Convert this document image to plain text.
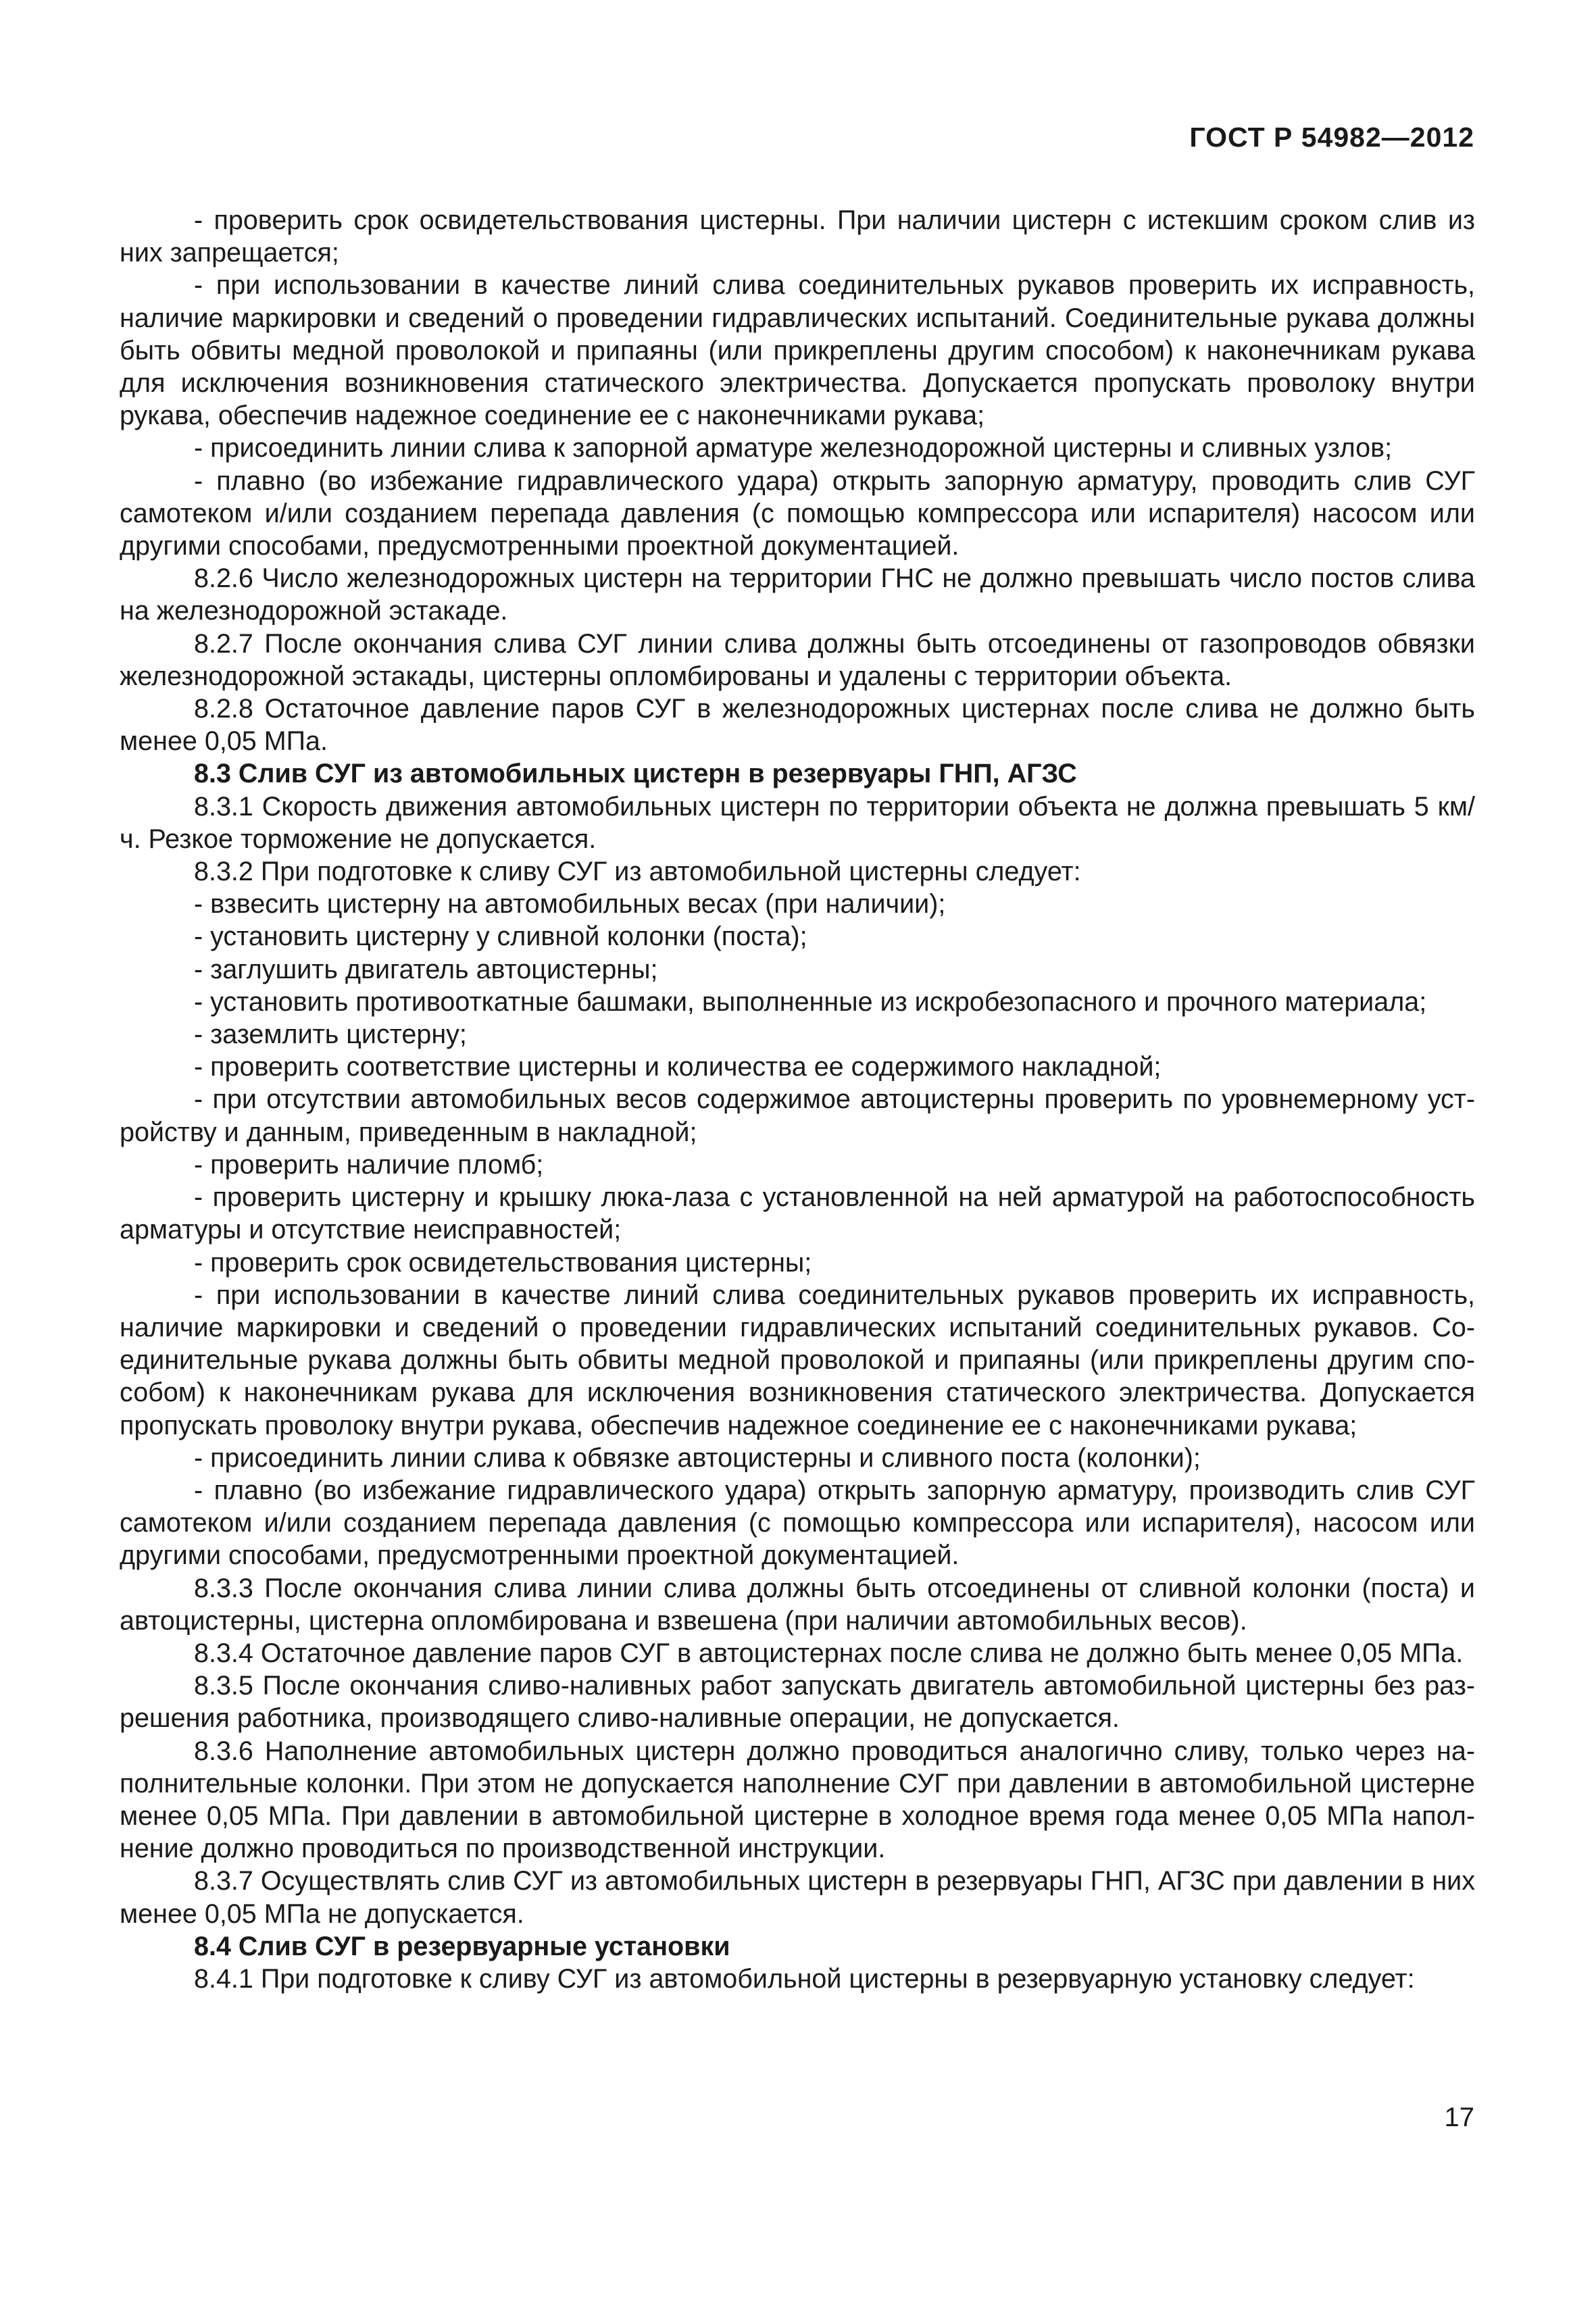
ГОСТ Р 54982—2012

- проверить срок освидетельствования цистерны. При наличии цистерн с истекшим сроком слив из них запрещается;

- при использовании в качестве линий слива соединительных рукавов проверить их исправность, наличие маркировки и сведений о проведении гидравлических испытаний. Соединительные рукава должны быть обвиты медной проволокой и припаяны (или прикреплены другим способом) к наконечникам рукава для исключения возникновения статического электричества. Допускается пропускать проволоку внутри рукава, обеспечив надежное соединение ее с наконечниками рукава;

- присоединить линии слива к запорной арматуре железнодорожной цистерны и сливных узлов;

- плавно (во избежание гидравлического удара) открыть запорную арматуру, проводить слив СУГ самотеком и/или созданием перепада давления (с помощью компрессора или испарителя) насосом или другими способами, предусмотренными проектной документацией.

8.2.6 Число железнодорожных цистерн на территории ГНС не должно превышать число постов слива на железнодорожной эстакаде.

8.2.7 После окончания слива СУГ линии слива должны быть отсоединены от газопроводов обвязки железнодорожной эстакады, цистерны опломбированы и удалены с территории объекта.

8.2.8 Остаточное давление паров СУГ в железнодорожных цистернах после слива не должно быть менее 0,05 МПа.

8.3 Слив СУГ из автомобильных цистерн в резервуары ГНП, АГЗС

8.3.1 Скорость движения автомобильных цистерн по территории объекта не должна превышать 5 км/ч. Резкое торможение не допускается.

8.3.2 При подготовке к сливу СУГ из автомобильной цистерны следует:

- взвесить цистерну на автомобильных весах (при наличии);

- установить цистерну у сливной колонки (поста);

- заглушить двигатель автоцистерны;

- установить противооткатные башмаки, выполненные из искробезопасного и прочного материала;

- заземлить цистерну;

- проверить соответствие цистерны и количества ее содержимого накладной;

- при отсутствии автомобильных весов содержимое автоцистерны проверить по уровнемерному устройству и данным, приведенным в накладной;

- проверить наличие пломб;

- проверить цистерну и крышку люка-лаза с установленной на ней арматурой на работоспособность арматуры и отсутствие неисправностей;

- проверить срок освидетельствования цистерны;

- при использовании в качестве линий слива соединительных рукавов проверить их исправность, наличие маркировки и сведений о проведении гидравлических испытаний соединительных рукавов. Соединительные рукава должны быть обвиты медной проволокой и припаяны (или прикреплены другим способом) к наконечникам рукава для исключения возникновения статического электричества. Допускается пропускать проволоку внутри рукава, обеспечив надежное соединение ее с наконечниками рукава;

- присоединить линии слива к обвязке автоцистерны и сливного поста (колонки);

- плавно (во избежание гидравлического удара) открыть запорную арматуру, производить слив СУГ самотеком и/или созданием перепада давления (с помощью компрессора или испарителя), насосом или другими способами, предусмотренными проектной документацией.

8.3.3 После окончания слива линии слива должны быть отсоединены от сливной колонки (поста) и автоцистерны, цистерна опломбирована и взвешена (при наличии автомобильных весов).

8.3.4 Остаточное давление паров СУГ в автоцистернах после слива не должно быть менее 0,05 МПа.

8.3.5 После окончания сливо-наливных работ запускать двигатель автомобильной цистерны без разрешения работника, производящего сливо-наливные операции, не допускается.

8.3.6 Наполнение автомобильных цистерн должно проводиться аналогично сливу, только через наполнительные колонки. При этом не допускается наполнение СУГ при давлении в автомобильной цистерне менее 0,05 МПа. При давлении в автомобильной цистерне в холодное время года менее 0,05 МПа наполнение должно проводиться по производственной инструкции.

8.3.7 Осуществлять слив СУГ из автомобильных цистерн в резервуары ГНП, АГЗС при давлении в них менее 0,05 МПа не допускается.

8.4 Слив СУГ в резервуарные установки

8.4.1 При подготовке к сливу СУГ из автомобильной цистерны в резервуарную установку следует:

17
